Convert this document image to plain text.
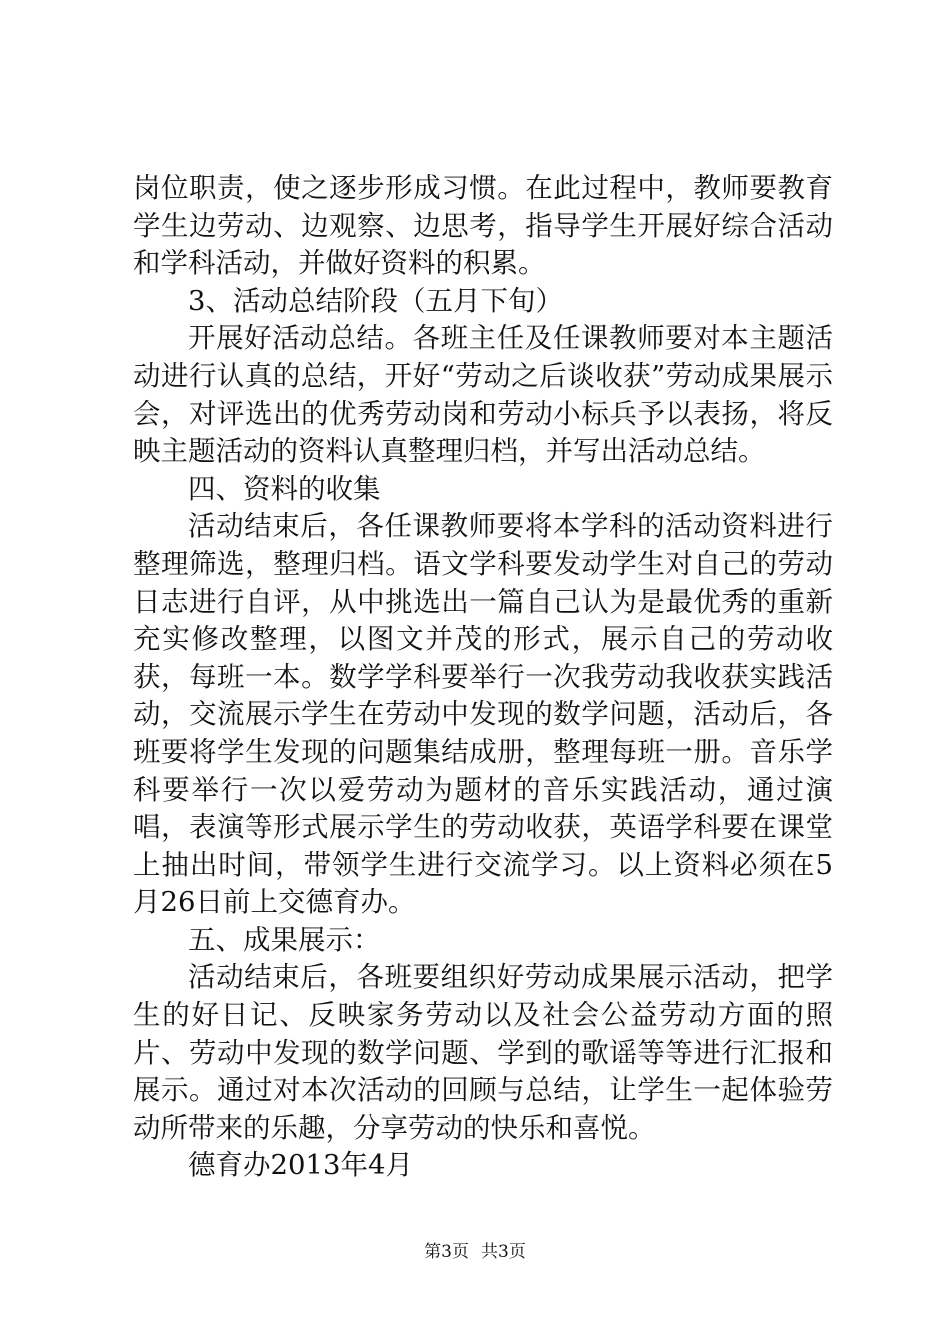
岗位职责，使之逐步形成习惯。在此过程中，教师要教育学生边劳动、边观察、边思考，指导学生开展好综合活动和学科活动，并做好资料的积累。

3、活动总结阶段（五月下旬）

开展好活动总结。各班主任及任课教师要对本主题活动进行认真的总结，开好“劳动之后谈收获”劳动成果展示会，对评选出的优秀劳动岗和劳动小标兵予以表扬，将反映主题活动的资料认真整理归档，并写出活动总结。

四、资料的收集

活动结束后，各任课教师要将本学科的活动资料进行整理筛选，整理归档。语文学科要发动学生对自己的劳动日志进行自评，从中挑选出一篇自己认为是最优秀的重新充实修改整理，以图文并茂的形式，展示自己的劳动收获，每班一本。数学学科要举行一次我劳动我收获实践活动，交流展示学生在劳动中发现的数学问题，活动后，各班要将学生发现的问题集结成册，整理每班一册。音乐学科要举行一次以爱劳动为题材的音乐实践活动，通过演唱，表演等形式展示学生的劳动收获，英语学科要在课堂上抽出时间，带领学生进行交流学习。以上资料必须在5月26日前上交德育办。

五、成果展示：

活动结束后，各班要组织好劳动成果展示活动，把学生的好日记、反映家务劳动以及社会公益劳动方面的照片、劳动中发现的数学问题、学到的歌谣等等进行汇报和展示。通过对本次活动的回顾与总结，让学生一起体验劳动所带来的乐趣，分享劳动的快乐和喜悦。

德育办2013年4月

第3页 共3页
